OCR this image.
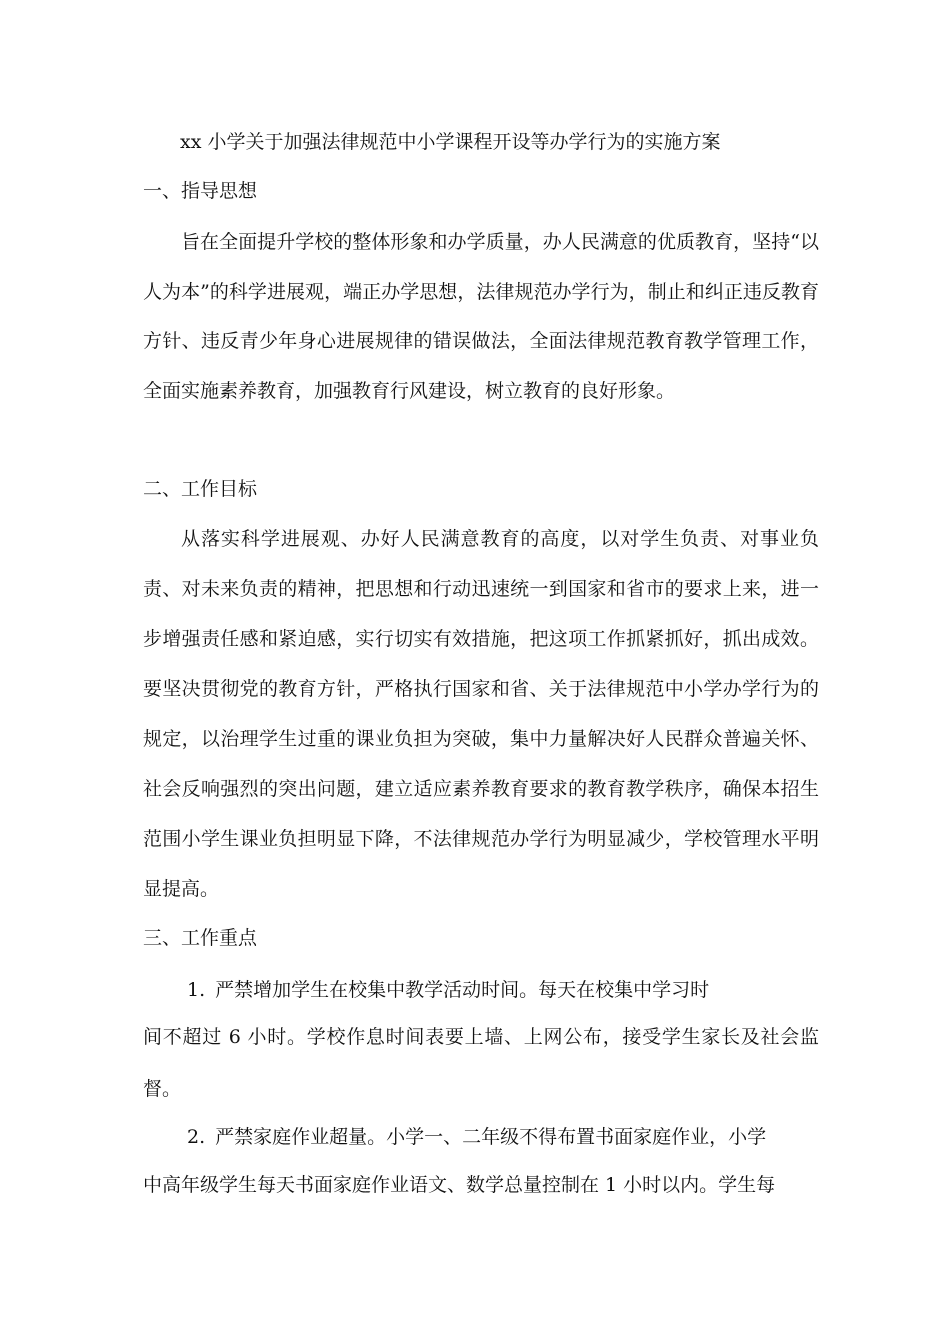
xx 小学关于加强法律规范中小学课程开设等办学行为的实施方案
一、指导思想

旨在全面提升学校的整体形象和办学质量，办人民满意的优质教育，坚持“以人为本”的科学进展观，端正办学思想，法律规范办学行为，制止和纠正违反教育方针、违反青少年身心进展规律的错误做法，全面法律规范教育教学管理工作，全面实施素养教育，加强教育行风建设，树立教育的良好形象。

二、工作目标

从落实科学进展观、办好人民满意教育的高度，以对学生负责、对事业负责、对未来负责的精神，把思想和行动迅速统一到国家和省市的要求上来，进一步增强责任感和紧迫感，实行切实有效措施，把这项工作抓紧抓好，抓出成效。要坚决贯彻党的教育方针，严格执行国家和省、关于法律规范中小学办学行为的规定，以治理学生过重的课业负担为突破，集中力量解决好人民群众普遍关怀、社会反响强烈的突出问题，建立适应素养教育要求的教育教学秩序，确保本招生范围小学生课业负担明显下降，不法律规范办学行为明显减少，学校管理水平明显提高。

三、工作重点
1. 严禁增加学生在校集中教学活动时间。每天在校集中学习时
间不超过 6 小时。学校作息时间表要上墙、上网公布，接受学生家长及社会监督。
2. 严禁家庭作业超量。小学一、二年级不得布置书面家庭作业，小学
中高年级学生每天书面家庭作业语文、数学总量控制在 1 小时以内。学生每
